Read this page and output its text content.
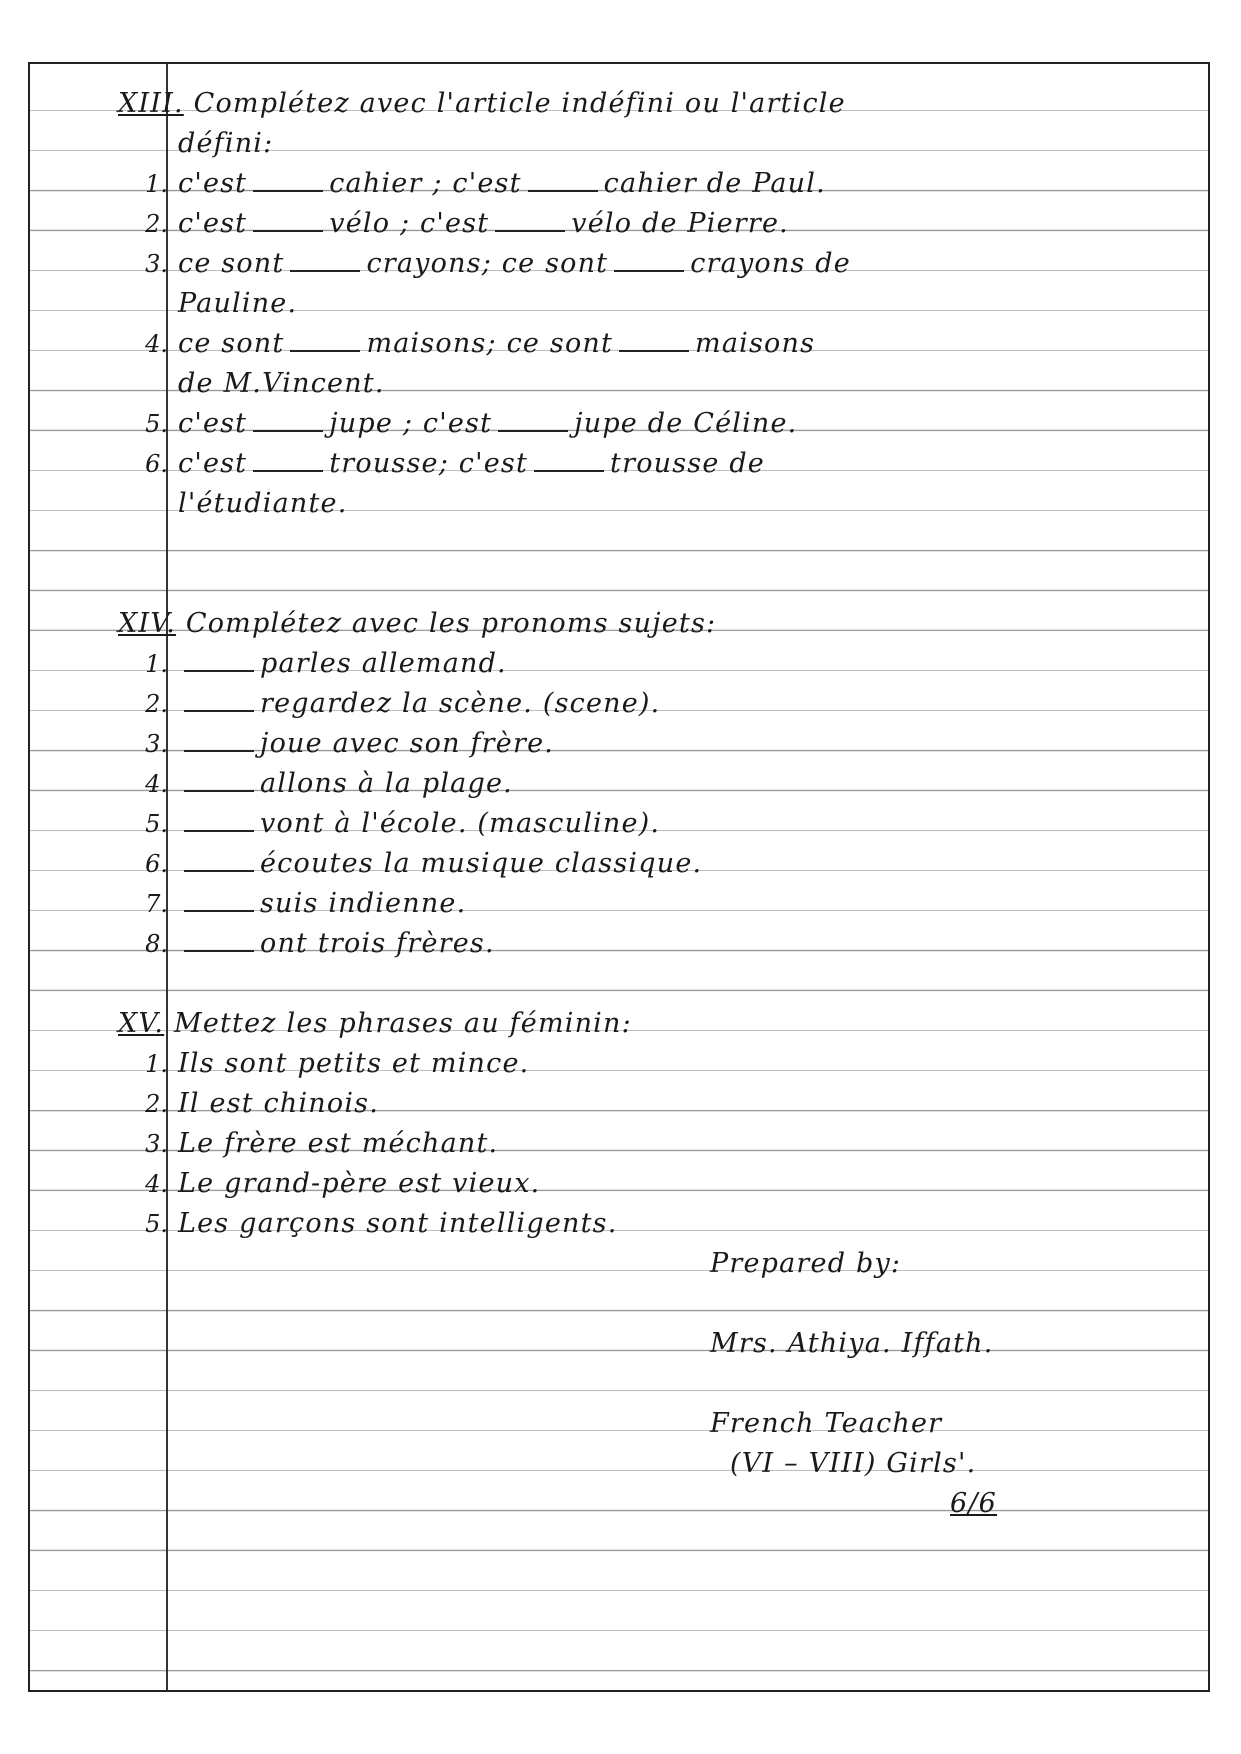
XIII. Complétez avec l'article indéfini ou l'article
défini:
1. c'est	cahier ; c'est	cahier de Paul.
2. c'est	vélo ; c'est	vélo de Pierre.
3. ce sont	crayons; ce sont	crayons de
Pauline.
4. ce sont	maisons; ce sont	maisons
de M.Vincent.
5. c'est	jupe ; c'est	jupe de Céline.
6. c'est	trousse; c'est	trousse de
l'étudiante.
XIV. Complétez avec les pronoms sujets:
1.	parles allemand.
2.	regardez la scène. (scene).
3.	joue avec son frère.
4.	allons à la plage.
5.	vont à l'école. (masculine).
6.	écoutes la musique classique.
7.	suis indienne.
8.	ont trois frères.
XV. Mettez les phrases au féminin:
1. Ils sont petits et mince.
2. Il est chinois.
3. Le frère est méchant.
4. Le grand-père est vieux.
5. Les garçons sont intelligents.
Prepared by:
Mrs. Athiya. Iffath.
French Teacher
(VI – VIII) Girls'.
6/6
